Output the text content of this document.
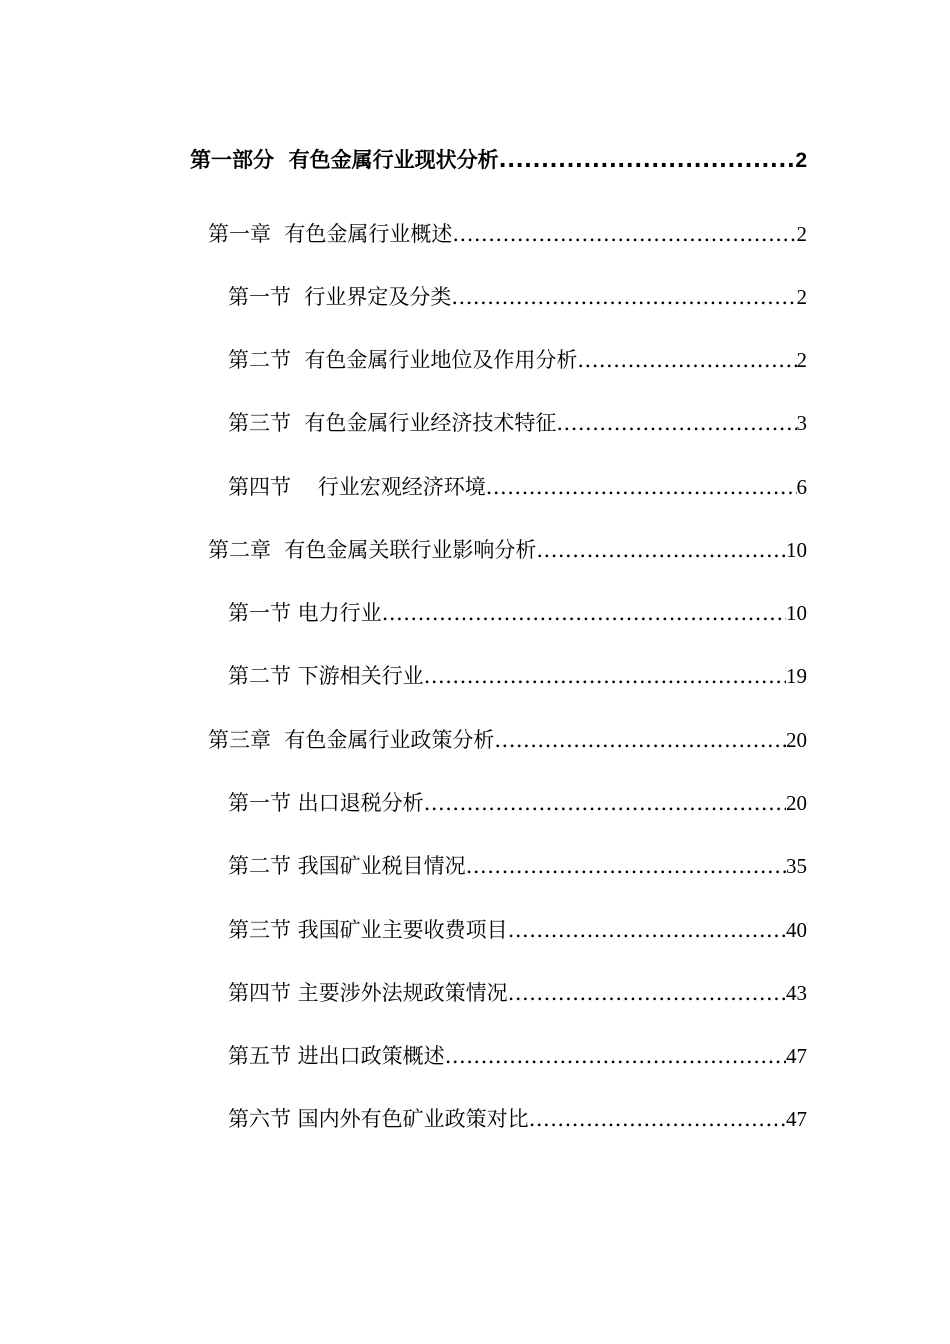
第一部分  有色金属行业现状分析 .....	2
第一章  有色金属行业概述 .....	2
第一节  行业界定及分类 .....	2
第二节  有色金属行业地位及作用分析 .....	2
第三节  有色金属行业经济技术特征 .....	3
第四节    行业宏观经济环境 .....	6
第二章  有色金属关联行业影响分析 .....	10
第一节 电力行业 .....	10
第二节 下游相关行业 .....	19
第三章  有色金属行业政策分析 .....	20
第一节 出口退税分析 .....	20
第二节 我国矿业税目情况 .....	35
第三节 我国矿业主要收费项目 .....	40
第四节 主要涉外法规政策情况 .....	43
第五节 进出口政策概述 .....	47
第六节 国内外有色矿业政策对比 .....	47
